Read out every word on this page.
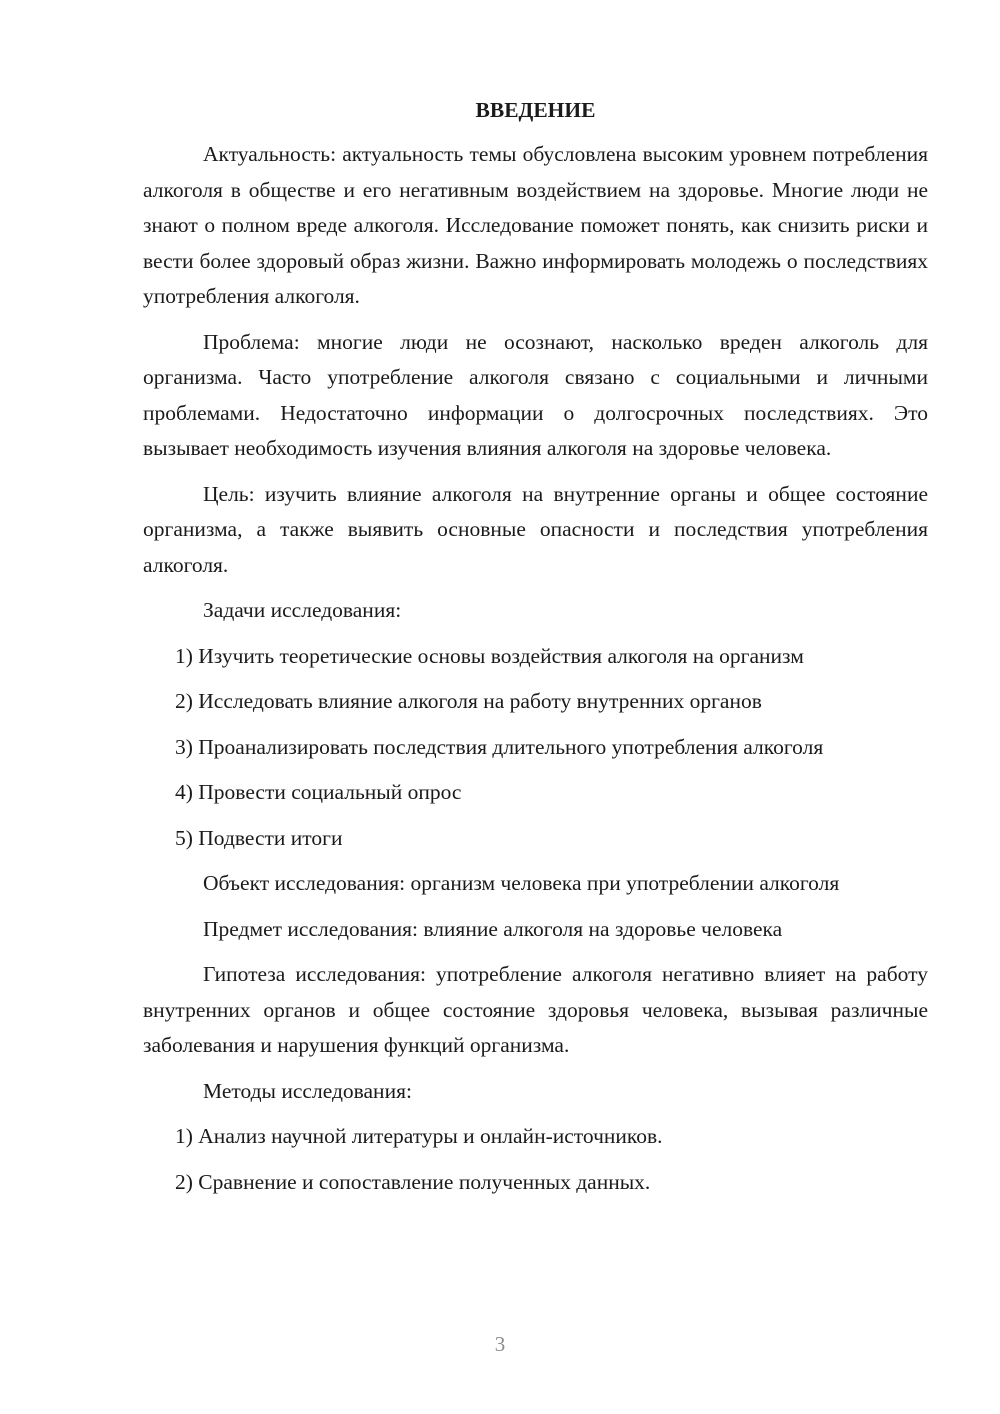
ВВЕДЕНИЕ
Актуальность: актуальность темы обусловлена высоким уровнем потребления алкоголя в обществе и его негативным воздействием на здоровье. Многие люди не знают о полном вреде алкоголя. Исследование поможет понять, как снизить риски и вести более здоровый образ жизни. Важно информировать молодежь о последствиях употребления алкоголя.
Проблема: многие люди не осознают, насколько вреден алкоголь для организма. Часто употребление алкоголя связано с социальными и личными проблемами. Недостаточно информации о долгосрочных последствиях. Это вызывает необходимость изучения влияния алкоголя на здоровье человека.
Цель: изучить влияние алкоголя на внутренние органы и общее состояние организма, а также выявить основные опасности и последствия употребления алкоголя.
Задачи исследования:
1) Изучить теоретические основы воздействия алкоголя на организм
2) Исследовать влияние алкоголя на работу внутренних органов
3) Проанализировать последствия длительного употребления алкоголя
4) Провести социальный опрос
5) Подвести итоги
Объект исследования: организм человека при употреблении алкоголя
Предмет исследования: влияние алкоголя на здоровье человека
Гипотеза исследования: употребление алкоголя негативно влияет на работу внутренних органов и общее состояние здоровья человека, вызывая различные заболевания и нарушения функций организма.
Методы исследования:
1) Анализ научной литературы и онлайн-источников.
2) Сравнение и сопоставление полученных данных.
3
